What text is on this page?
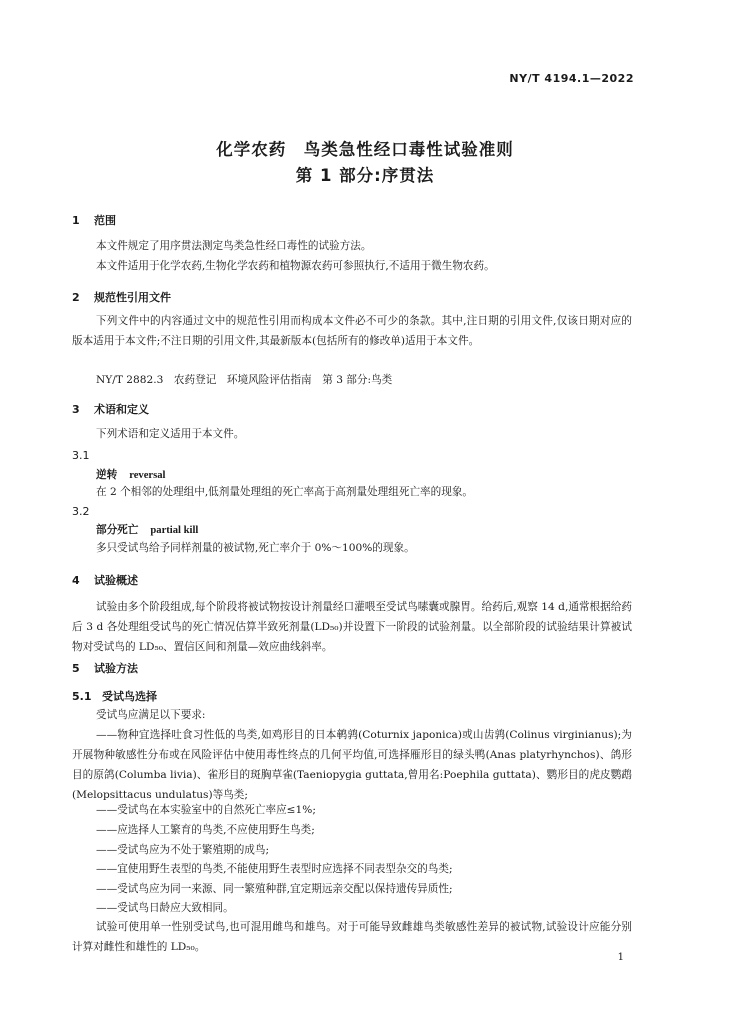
NY/T 4194.1—2022
化学农药　鸟类急性经口毒性试验准则
第 1 部分:序贯法
1 范围
本文件规定了用序贯法测定鸟类急性经口毒性的试验方法。
本文件适用于化学农药,生物化学农药和植物源农药可参照执行,不适用于微生物农药。
2 规范性引用文件
下列文件中的内容通过文中的规范性引用而构成本文件必不可少的条款。其中,注日期的引用文件,仅该日期对应的版本适用于本文件;不注日期的引用文件,其最新版本(包括所有的修改单)适用于本文件。
NY/T 2882.3　农药登记　环境风险评估指南　第 3 部分:鸟类
3 术语和定义
下列术语和定义适用于本文件。
3.1
逆转 reversal
在 2 个相邻的处理组中,低剂量处理组的死亡率高于高剂量处理组死亡率的现象。
3.2
部分死亡 partial kill
多只受试鸟给予同样剂量的被试物,死亡率介于 0%～100%的现象。
4 试验概述
试验由多个阶段组成,每个阶段将被试物按设计剂量经口灌喂至受试鸟嗉囊或腺胃。给药后,观察 14 d,通常根据给药后 3 d 各处理组受试鸟的死亡情况估算半致死剂量(LD₅₀)并设置下一阶段的试验剂量。以全部阶段的试验结果计算被试物对受试鸟的 LD₅₀、置信区间和剂量—效应曲线斜率。
5 试验方法
5.1 受试鸟选择
受试鸟应满足以下要求:
——物种宜选择吐食习性低的鸟类,如鸡形目的日本鹌鹑(Coturnix japonica)或山齿鹑(Colinus virginianus);为开展物种敏感性分布或在风险评估中使用毒性终点的几何平均值,可选择雁形目的绿头鸭(Anas platyrhynchos)、鸽形目的原鸽(Columba livia)、雀形目的斑胸草雀(Taeniopygia guttata,曾用名:Poephila guttata)、鹦形目的虎皮鹦鹉(Melopsittacus undulatus)等鸟类;
——受试鸟在本实验室中的自然死亡率应≤1%;
——应选择人工繁育的鸟类,不应使用野生鸟类;
——受试鸟应为不处于繁殖期的成鸟;
——宜使用野生表型的鸟类,不能使用野生表型时应选择不同表型杂交的鸟类;
——受试鸟应为同一来源、同一繁殖种群,宜定期远亲交配以保持遗传异质性;
——受试鸟日龄应大致相同。
试验可使用单一性别受试鸟,也可混用雌鸟和雄鸟。对于可能导致雌雄鸟类敏感性差异的被试物,试验设计应能分别计算对雌性和雄性的 LD₅₀。
1
